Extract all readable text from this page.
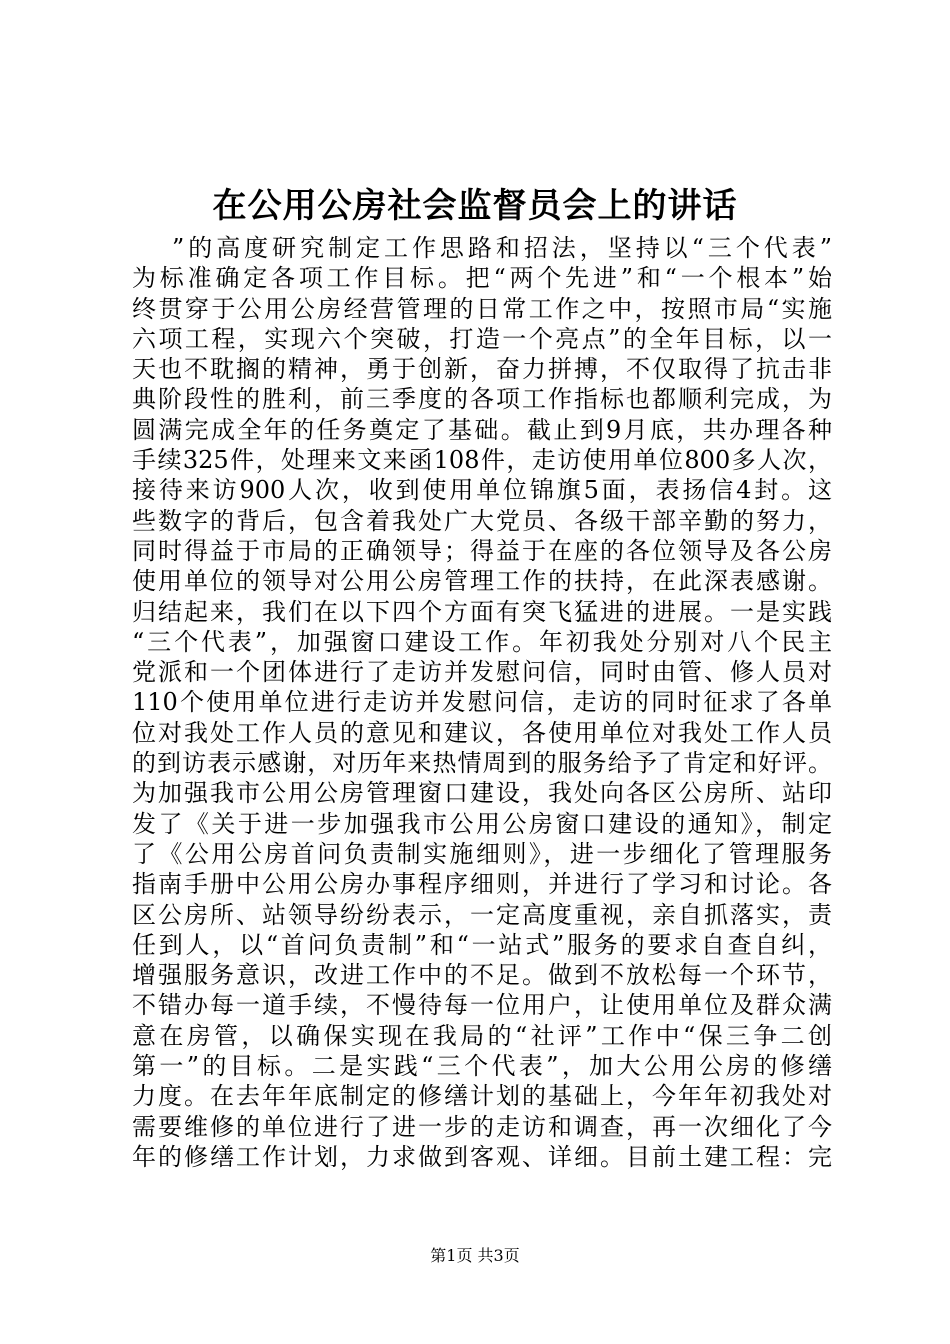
在公用公房社会监督员会上的讲话
”的高度研究制定工作思路和招法，坚持以“三个代表”
为标准确定各项工作目标。把“两个先进”和“一个根本”始
终贯穿于公用公房经营管理的日常工作之中，按照市局“实施
六项工程，实现六个突破，打造一个亮点”的全年目标，以一
天也不耽搁的精神，勇于创新，奋力拼搏，不仅取得了抗击非
典阶段性的胜利，前三季度的各项工作指标也都顺利完成，为
圆满完成全年的任务奠定了基础。截止到9月底，共办理各种
手续325件，处理来文来函108件，走访使用单位800多人次，
接待来访900人次，收到使用单位锦旗5面，表扬信4封。这
些数字的背后，包含着我处广大党员、各级干部辛勤的努力，
同时得益于市局的正确领导；得益于在座的各位领导及各公房
使用单位的领导对公用公房管理工作的扶持，在此深表感谢。
归结起来，我们在以下四个方面有突飞猛进的进展。一是实践
“三个代表”，加强窗口建设工作。年初我处分别对八个民主
党派和一个团体进行了走访并发慰问信，同时由管、修人员对
110个使用单位进行走访并发慰问信，走访的同时征求了各单
位对我处工作人员的意见和建议，各使用单位对我处工作人员
的到访表示感谢，对历年来热情周到的服务给予了肯定和好评。
为加强我市公用公房管理窗口建设，我处向各区公房所、站印
发了《关于进一步加强我市公用公房窗口建设的通知》，制定
了《公用公房首问负责制实施细则》，进一步细化了管理服务
指南手册中公用公房办事程序细则，并进行了学习和讨论。各
区公房所、站领导纷纷表示，一定高度重视，亲自抓落实，责
任到人，以“首问负责制”和“一站式”服务的要求自查自纠，
增强服务意识，改进工作中的不足。做到不放松每一个环节，
不错办每一道手续，不慢待每一位用户，让使用单位及群众满
意在房管，以确保实现在我局的“社评”工作中“保三争二创
第一”的目标。二是实践“三个代表”，加大公用公房的修缮
力度。在去年年底制定的修缮计划的基础上，今年年初我处对
需要维修的单位进行了进一步的走访和调查，再一次细化了今
年的修缮工作计划，力求做到客观、详细。目前土建工程：完
第1页 共3页
